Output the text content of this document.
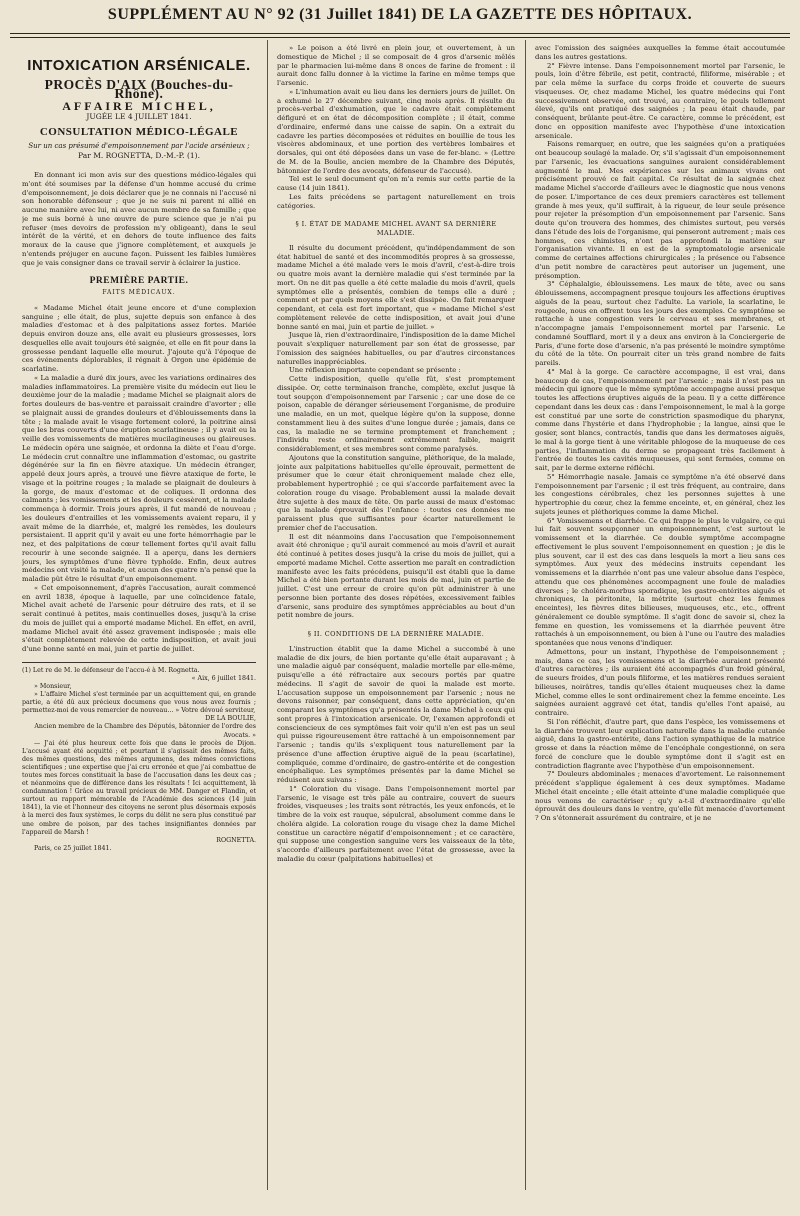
SUPPLÉMENT AU N° 92 (31 Juillet 1841) DE LA GAZETTE DES HÔPITAUX.
INTOXICATION ARSÉNICALE.
PROCÈS D'AIX (Bouches-du-Rhône).
AFFAIRE MICHEL,
JUGÉE LE 4 JUILLET 1841.
CONSULTATION MÉDICO-LÉGALE
Sur un cas présumé d'empoisonnement par l'acide arsénieux ;
Par M. ROGNETTA, D.-M.-P. (1).

En donnant ici mon avis sur des questions médico-légales qui m'ont été soumises par la défense d'un homme accusé du crime d'empoisonnement, je dois déclarer que je ne connais ni l'accusé ni son honorable défenseur ; que je ne suis ni parent ni allié en aucune manière avec lui, ni avec aucun membre de sa famille ; que je me suis borné à une œuvre de pure science que je n'ai pu refuser (mes devoirs de profession m'y obligeant), dans le seul intérêt de la vérité, et en dehors de toute influence des faits moraux de la cause que j'ignore complètement, et auxquels je n'entends préjuger en aucune façon. Puissent les faibles lumières que je vais consigner dans ce travail servir à éclairer la justice.

PREMIÈRE PARTIE.
FAITS MÉDICAUX.

« Madame Michel était jeune encore et d'une complexion sanguine ; elle était, de plus, sujette depuis son enfance à des maladies d'estomac et à des palpitations assez fortes. Mariée depuis environ douze ans, elle avait eu plusieurs grossesses, lors desquelles elle avait toujours été saignée, et elle en fit pour dans la grossesse pendant laquelle elle mourut. J'ajoute qu'à l'époque de ces événements déplorables, il régnait à Orgon une épidémie de scarlatine.

« La maladie a duré dix jours, avec les variations ordinaires des maladies inflammatoires. La première visite du médecin eut lieu le deuxième jour de la maladie ; madame Michel se plaignait alors de fortes douleurs de bas-ventre et paraissait craindre d'avorter ; elle se plaignait aussi de grandes douleurs et d'éblouissements dans la tête ; la malade avait le visage fortement coloré, la poitrine ainsi que les bras couverts d'une éruption scarlatineuse ; il y avait eu la veille des vomissements de matières mucilagineuses ou glaireuses. Le médecin opéra une saignée, et ordonna la diète et l'eau d'orge. Le médecin crut connaître une inflammation d'estomac, ou gastrite dégénérée sur la fin en fièvre ataxique. Un médecin étranger, appelé deux jours après, a trouvé une fièvre ataxique de forte, le visage et la poitrine rouges ; la malade se plaignait de douleurs à la gorge, de maux d'estomac et de coliques. Il ordonna des calmants ; les vomissements et les douleurs cessèrent, et la malade commença à dormir. Trois jours après, il fut mandé de nouveau ; les douleurs d'entrailles et les vomissements avaient reparu, il y avait même de la diarrhée, et, malgré les remèdes, les douleurs persistaient. Il apprit qu'il y avait eu une forte hémorrhagie par le nez, et des palpitations de cœur tellement fortes qu'il avait fallu recourir à une seconde saignée. Il a aperçu, dans les derniers jours, les symptômes d'une fièvre typhoïde. Enfin, deux autres médecins ont visité la malade, et aucun des quatre n'a pensé que la maladie pût être le résultat d'un empoisonnement.

« Cet empoisonnement, d'après l'accusation, aurait commencé en avril 1838, époque à laquelle, par une coïncidence fatale, Michel avait acheté de l'arsenic pour détruire des rats, et il se serait continué à petites, mais continuelles doses, jusqu'à la crise du mois de juillet qui a emporté madame Michel. En effet, en avril, madame Michel avait été assez gravement indisposée ; mais elle s'était complètement relevée de cette indisposition, et avait joui d'une bonne santé en mai, juin et partie de juillet.

(1) Let re de M. le défenseur de l'accu-é à M. Rognetta.

« Aix, 6 juillet 1841.

» Monsieur,

» L'affaire Michel s'est terminée par un acquittement qui, en grande partie, a été dû aux précieux documens que vous nous avez fournis ; permettez-moi de vous remercier de nouveau... » Votre dévoué serviteur,

DE LA BOULIE,

Ancien membre de la Chambre des Députés, bâtonnier de l'ordre des Avocats. »

— J'ai été plus heureux cette fois que dans le procès de Dijon. L'accusé ayant été acquitté ; et pourtant il s'agissait des mêmes faits, des mêmes questions, des mêmes argumens, des mêmes convictions scientifiques ; une expertise que j'ai cru erronée et que j'ai combattue de toutes mes forces constituait la base de l'accusation dans les deux cas ; et néanmoins que de différence dans les résultats ! Ici acquittement, là condamnation ! Grâce au travail précieux de MM. Danger et Flandin, et surtout au rapport mémorable de l'Académie des sciences (14 juin 1841), la vie et l'honneur des citoyens ne seront plus désormais exposés à la merci des faux systèmes, le corps du délit ne sera plus constitué par une ombre de poison, par des taches insignifiantes données par l'appareil de Marsh !

ROGNETTA.

Paris, ce 25 juillet 1841.

» Le poison a été livré en plein jour, et ouvertement, à un domestique de Michel ; il se composait de 4 gros d'arsenic mêlés par le pharmacien lui-même dans 8 onces de farine de froment : il aurait donc fallu donner à la victime la farine en même temps que l'arsenic.

» L'inhumation avait eu lieu dans les derniers jours de juillet. On a exhumé le 27 décembre suivant, cinq mois après. Il résulte du procès-verbal d'exhumation, que le cadavre était complètement défiguré et en état de décomposition complète ; il était, comme d'ordinaire, enfermé dans une caisse de sapin. On a extrait du cadavre les parties décomposées et réduites en bouillie de tous les viscères abdominaux, et une portion des vertèbres lombaires et dorsales, qui ont été déposées dans un vase de fer-blanc. » (Lettre de M. de la Boulie, ancien membre de la Chambre des Députés, bâtonnier de l'ordre des avocats, défenseur de l'accusé).

Tel est le seul document qu'on m'a remis sur cette partie de la cause (14 juin 1841).

Les faits précédens se partagent naturellement en trois catégories.

§ I. ÉTAT DE MADAME MICHEL AVANT SA DERNIÈRE MALADIE.

Il résulte du document précédent, qu'indépendamment de son état habituel de santé et des incommodités propres à sa grossesse, madame Michel a été malade vers le mois d'avril, c'est-à-dire trois ou quatre mois avant la dernière maladie qui s'est terminée par la mort. On ne dit pas quelle a été cette maladie du mois d'avril, quels symptômes elle a présentés, combien de temps elle a duré ; comment et par quels moyens elle s'est dissipée. On fait remarquer cependant, et cela est fort important, que « madame Michel s'est complètement relevée de cette indisposition, et avait joui d'une bonne santé en mai, juin et partie de juillet. »

Jusque là, rien d'extraordinaire, l'indisposition de la dame Michel pouvait s'expliquer naturellement par son état de grossesse, par l'omission des saignées habituelles, ou par d'autres circonstances naturelles inappréciables.

Une réflexion importante cependant se présente :

Cette indisposition, quelle qu'elle fût, s'est promptement dissipée. Or, cette terminaison franche, complète, exclut jusque là tout soupçon d'empoisonnement par l'arsenic ; car une dose de ce poison, capable de déranger sérieusement l'organisme, de produire une maladie, en un mot, quelque légère qu'on la suppose, donne constamment lieu à des suites d'une longue durée ; jamais, dans ce cas, la maladie ne se termine promptement et franchement ; l'individu reste ordinairement extrêmement faible, maigrit considérablement, et ses membres sont comme paralysés.

Ajoutons que la constitution sanguine, pléthorique, de la malade, jointe aux palpitations habituelles qu'elle éprouvait, permettent de présumer que le cœur était chroniquement malade chez elle, probablement hypertrophié ; ce qui s'accorde parfaitement avec la coloration rouge du visage. Probablement aussi la malade devait être sujette à des maux de tête. On parle aussi de maux d'estomac que la malade éprouvait dès l'enfance : toutes ces données me paraissent plus que suffisantes pour écarter naturellement le premier chef de l'accusation.

Il est dit néanmoins dans l'accusation que l'empoisonnement avait été chronique ; qu'il aurait commencé au mois d'avril et aurait été continué à petites doses jusqu'à la crise du mois de juillet, qui a emporté madame Michel. Cette assertion me paraît en contradiction manifeste avec les faits précédens, puisqu'il est établi que la dame Michel a été bien portante durant les mois de mai, juin et partie de juillet. C'est une erreur de croire qu'on pût administrer à une personne bien portante des doses répétées, excessivement faibles d'arsenic, sans produire des symptômes appréciables au bout d'un petit nombre de jours.

§ II. CONDITIONS DE LA DERNIÈRE MALADIE.

L'instruction établit que la dame Michel a succombé à une maladie de dix jours, de bien portante qu'elle était auparavant ; à une maladie aiguë par conséquent, maladie mortelle par elle-même, puisqu'elle a été réfractaire aux secours portés par quatre médecins. Il s'agit de savoir de quoi la malade est morte. L'accusation suppose un empoisonnement par l'arsenic ; nous ne devons raisonner, par conséquent, dans cette appréciation, qu'en comparant les symptômes qu'a présentés la dame Michel à ceux qui sont propres à l'intoxication arsenicale. Or, l'examen approfondi et consciencieux de ces symptômes fait voir qu'il n'en est pas un seul qui puisse rigoureusement être rattaché à un empoisonnement par l'arsenic ; tandis qu'ils s'expliquent tous naturellement par la présence d'une affection éruptive aiguë de la peau (scarlatine), compliquée, comme d'ordinaire, de gastro-entérite et de congestion encéphalique. Les symptômes présentés par la dame Michel se réduisent aux suivans :

1° Coloration du visage. Dans l'empoisonnement mortel par l'arsenic, le visage est très pâle au contraire, couvert de sueurs froides, visqueuses ; les traits sont rétractés, les yeux enfoncés, et le timbre de la voix est rauque, sépulcral, absolument comme dans le choléra algide. La coloration rouge du visage chez la dame Michel constitue un caractère négatif d'empoisonnement ; et ce caractère, qui suppose une congestion sanguine vers les vaisseaux de la tête, s'accorde d'ailleurs parfaitement avec l'état de grossesse, avec la maladie du cœur (palpitations habituelles) et

avec l'omission des saignées auxquelles la femme était accoutumée dans les autres gestations.

2° Fièvre intense. Dans l'empoisonnement mortel par l'arsenic, le pouls, loin d'être fébrile, est petit, contracté, filiforme, misérable ; et par cela même la surface du corps froide et couverte de sueurs visqueuses. Or, chez madame Michel, les quatre médecins qui l'ont successivement observée, ont trouvé, au contraire, le pouls tellement élevé, qu'ils ont pratiqué des saignées ; la peau était chaude, par conséquent, brûlante peut-être. Ce caractère, comme le précédent, est donc en opposition manifeste avec l'hypothèse d'une intoxication arsenicale.

Faisons remarquer, en outre, que les saignées qu'on a pratiquées ont beaucoup soulagé la malade. Or, s'il s'agissait d'un empoisonnement par l'arsenic, les évacuations sanguines auraient considérablement augmenté le mal. Mes expériences sur les animaux vivans ont précisément prouvé ce fait capital. Ce résultat de la saignée chez madame Michel s'accorde d'ailleurs avec le diagnostic que nous venons de poser. L'importance de ces deux premiers caractères est tellement grande à mes yeux, qu'il suffirait, à la rigueur, de leur seule présence pour rejeter la présomption d'un empoisonnement par l'arsenic. Sans doute qu'on trouvera des hommes, des chimistes surtout, peu versés dans l'étude des lois de l'organisme, qui penseront autrement ; mais ces hommes, ces chimistes, n'ont pas approfondi la matière sur l'organisation vivante. Il en est de la symptomatologie arsenicale comme de certaines affections chirurgicales ; la présence ou l'absence d'un petit nombre de caractères peut autoriser un jugement, une présomption.

3° Céphalalgie, éblouissemens. Les maux de tête, avec ou sans éblouissemens, accompagnent presque toujours les affections éruptives aiguës de la peau, surtout chez l'adulte. La variole, la scarlatine, le rougeole, nous en offrent tous les jours des exemples. Ce symptôme se rattache à une congestion vers le cerveau et ses membranes, et n'accompagne jamais l'empoisonnement mortel par l'arsenic. Le condamné Soufflard, mort il y a deux ans environ à la Conciergerie de Paris, d'une forte dose d'arsenic, n'a pas présenté le moindre symptôme du côté de la tête. On pourrait citer un très grand nombre de faits pareils.

4° Mal à la gorge. Ce caractère accompagne, il est vrai, dans beaucoup de cas, l'empoisonnement par l'arsenic ; mais il n'est pas un médecin qui ignore que le même symptôme accompagne aussi presque toutes les affections éruptives aiguës de la peau. Il y a cette différence cependant dans les deux cas : dans l'empoisonnement, le mal à la gorge est constitué par une sorte de constriction spasmodique du pharynx, comme dans l'hystérie et dans l'hydrophobie ; la langue, ainsi que le gosier, sont blancs, contractés, tandis que dans les dermatoses aiguës, le mal à la gorge tient à une véritable phlogose de la muqueuse de ces parties, l'inflammation du derme se propageant très facilement à l'entrée de toutes les cavités muqueuses, qui sont fermées, comme on sait, par le derme externe réfléchi.

5° Hémorrhagie nasale. Jamais ce symptôme n'a été observé dans l'empoisonnement par l'arsenic ; il est très fréquent, au contraire, dans les congestions cérébrales, chez les personnes sujettes à une hypertrophie du cœur, chez la femme enceinte, et, en général, chez les sujets jeunes et pléthoriques comme la dame Michel.

6° Vomissemens et diarrhée. Ce qui frappe le plus le vulgaire, ce qui lui fait souvent soupçonner un empoisonnement, c'est surtout le vomissement et la diarrhée. Ce double symptôme accompagne effectivement le plus souvent l'empoisonnement en question ; je dis le plus souvent, car il est des cas dans lesquels la mort a lieu sans ces symptômes. Aux yeux des médecins instruits cependant les vomissemens et la diarrhée n'ont pas une valeur absolue dans l'espèce, attendu que ces phénomènes accompagnent une foule de maladies diverses ; le choléra-morbus sporadique, les gastro-entérites aiguës et chroniques, la péritonite, la métrite (surtout chez les femmes enceintes), les fièvres dites bilieuses, muqueuses, etc., etc., offrent généralement ce double symptôme. Il s'agit donc de savoir si, chez la femme en question, les vomissemens et la diarrhée peuvent être rattachés à un empoisonnement, ou bien à l'une ou l'autre des maladies spontanées que nous venons d'indiquer.

Admettons, pour un instant, l'hypothèse de l'empoisonnement ; mais, dans ce cas, les vomissemens et la diarrhée auraient présenté d'autres caractères ; ils auraient été accompagnés d'un froid général, de sueurs froides, d'un pouls filiforme, et les matières rendues seraient bilieuses, noirâtres, tandis qu'elles étaient muqueuses chez la dame Michel, comme elles le sont ordinairement chez la femme enceinte. Les saignées auraient aggravé cet état, tandis qu'elles l'ont apaisé, au contraire.

Si l'on réfléchit, d'autre part, que dans l'espèce, les vomissemens et la diarrhée trouvent leur explication naturelle dans la maladie cutanée aiguë, dans la gastro-entérite, dans l'action sympathique de la matrice grosse et dans la réaction même de l'encéphale congestionné, on sera forcé de conclure que le double symptôme dont il s'agit est en contradiction flagrante avec l'hypothèse d'un empoisonnement.

7° Douleurs abdominales ; menaces d'avortement. Le raisonnement précédent s'applique également à ces deux symptômes. Madame Michel était enceinte ; elle était atteinte d'une maladie compliquée que nous venons de caractériser ; qu'y a-t-il d'extraordinaire qu'elle éprouvât des douleurs dans le ventre, qu'elle fût menacée d'avortement ? On s'étonnerait assurément du contraire, et je ne
